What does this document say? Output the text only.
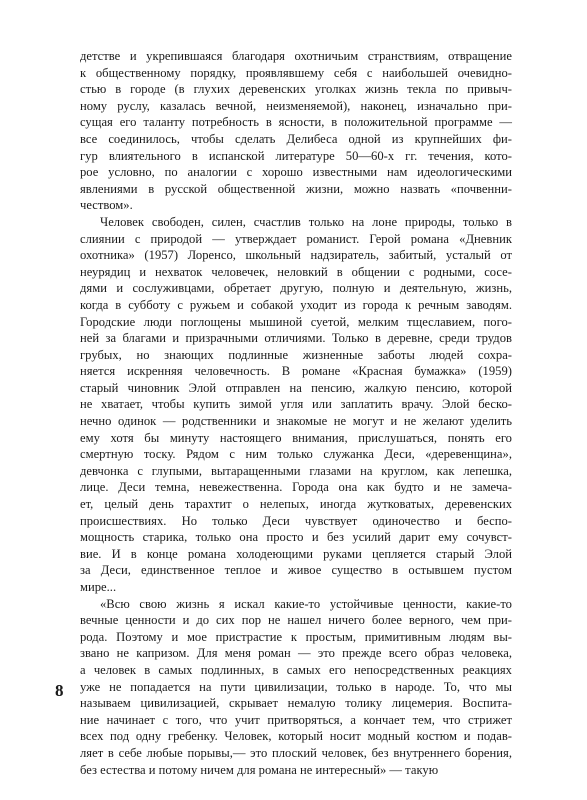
детстве и укрепившаяся благодаря охотничьим странствиям, отвращение
к общественному порядку, проявлявшему себя с наибольшей очевидно-
стью в городе (в глухих деревенских уголках жизнь текла по привыч-
ному руслу, казалась вечной, неизменяемой), наконец, изначально при-
сущая его таланту потребность в ясности, в положительной программе —
все соединилось, чтобы сделать Делибеса одной из крупнейших фи-
гур влиятельного в испанской литературе 50—60-х гг. течения, кото-
рое условно, по аналогии с хорошо известными нам идеологическими
явлениями в русской общественной жизни, можно назвать «почвенни-
чеством».
Человек свободен, силен, счастлив только на лоне природы, только в
слиянии с природой — утверждает романист. Герой романа «Дневник
охотника» (1957) Лоренсо, школьный надзиратель, забитый, усталый от
неурядиц и нехваток человечек, неловкий в общении с родными, сосе-
дями и сослуживцами, обретает другую, полную и деятельную, жизнь,
когда в субботу с ружьем и собакой уходит из города к речным заводям.
Городские люди поглощены мышиной суетой, мелким тщеславием, пого-
ней за благами и призрачными отличиями. Только в деревне, среди трудов
грубых, но знающих подлинные жизненные заботы людей сохра-
няется искренняя человечность. В романе «Красная бумажка» (1959)
старый чиновник Элой отправлен на пенсию, жалкую пенсию, которой
не хватает, чтобы купить зимой угля или заплатить врачу. Элой беско-
нечно одинок — родственники и знакомые не могут и не желают уделить
ему хотя бы минуту настоящего внимания, прислушаться, понять его
смертную тоску. Рядом с ним только служанка Деси, «деревенщина»,
девчонка с глупыми, вытаращенными глазами на круглом, как лепешка,
лице. Деси темна, невежественна. Города она как будто и не замеча-
ет, целый день тарахтит о нелепых, иногда жутковатых, деревенских
происшествиях. Но только Деси чувствует одиночество и беспо-
мощность старика, только она просто и без усилий дарит ему сочувст-
вие. И в конце романа холодеющими руками цепляется старый Элой
за Деси, единственное теплое и живое существо в остывшем пустом
мире...
«Всю свою жизнь я искал какие-то устойчивые ценности, какие-то
вечные ценности и до сих пор не нашел ничего более верного, чем при-
рода. Поэтому и мое пристрастие к простым, примитивным людям вы-
звано не капризом. Для меня роман — это прежде всего образ человека,
а человек в самых подлинных, в самых его непосредственных реакциях
уже не попадается на пути цивилизации, только в народе. То, что мы
называем цивилизацией, скрывает немалую толику лицемерия. Воспита-
ние начинает с того, что учит притворяться, а кончает тем, что стрижет
всех под одну гребенку. Человек, который носит модный костюм и подав-
ляет в себе любые порывы,— это плоский человек, без внутреннего борения,
без естества и потому ничем для романа не интересный» — такую
8
